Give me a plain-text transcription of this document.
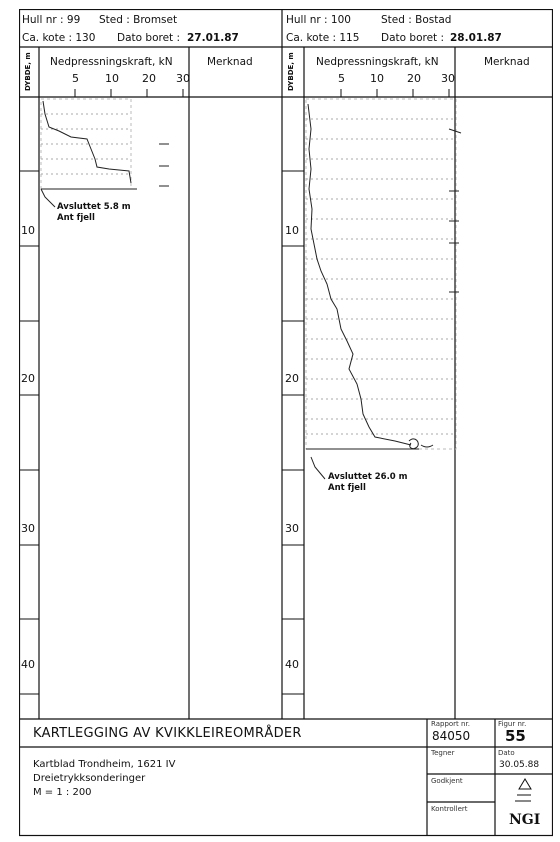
Hull nr : 99 Sted : Bromset
Ca. kote : 130 Dato boret : 27.01.87
Nedpressningskraft, kN	Merknad
5 10 20 30
DYBDE, m
Avsluttet 5.8 m
Ant fjell
Hull nr : 100	Sted : Bostad
Ca. kote : 115 Dato boret : 28.01.87
Nedpressningskraft, kN	Merknad
5 10 20 30
DYBDE, m
Avsluttet 26.0 m
Ant fjell
10
20
30
40
10
20
30
40
KARTLEGGING AV KVIKKLEIREOMRÅDER
Kartblad Trondheim, 1621 IV
Dreietrykksonderinger
M = 1 : 200
Rapport nr.
84050
Figur nr.
55
Tegner	Dato
30.05.88
Godkjent
Kontrollert
NGI
